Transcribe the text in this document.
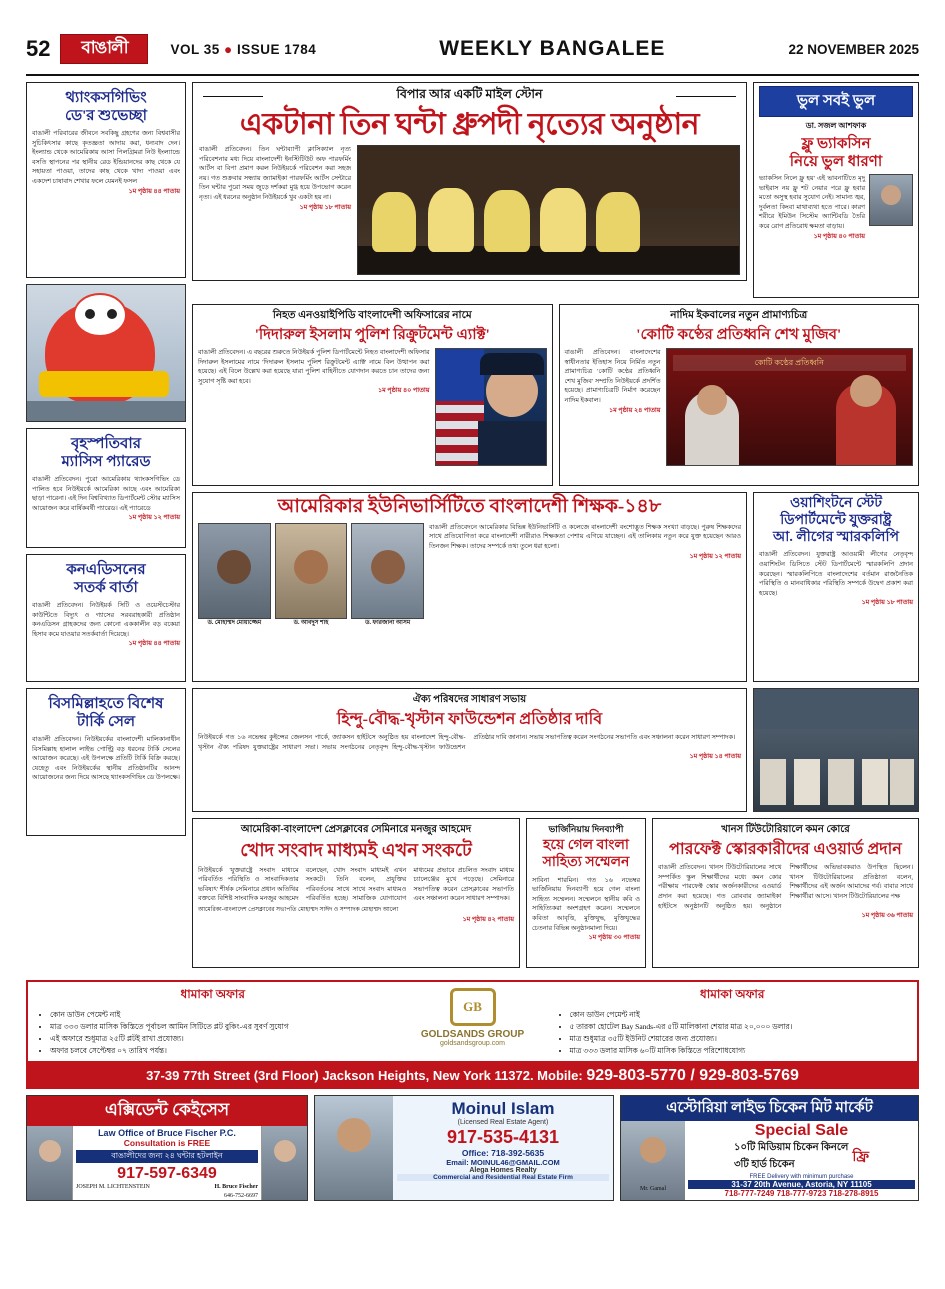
52	বাঙালী	VOL 35 ● ISSUE 1784	WEEKLY BANGALEE	22 NOVEMBER 2025
থ্যাংকসগিভিং
ডে'র শুভেচ্ছা
বাঙালী পরিবারের জীবনে সবকিছু গ্রহণের জন্য বিশ্ববাসীর সুচিকিৎসার কাছে কৃতজ্ঞতা আদায় করা, ধন্যবাদ দেন। ইংল্যান্ড থেকে আমেরিকায় আসা পিলগ্রিমরা নিউ ইংল্যান্ডে বসতি স্থাপনের পর স্থানীয় রেড ইন্ডিয়ানদের কাছ থেকে যে সহায়তা পাওয়া, তাদের কাছ থেকে খাদ্য পাওয়া এবং একদেশ চাষাবাদ শেখার ফলে যেমনই ফসল
১ম পৃষ্ঠায় ৪৪ পাতায়
বৃহস্পতিবার
ম্যাসিস প্যারেড
বাঙালী প্রতিবেদন। পুরো আমেরিকায় থ্যাংকসগিভিং ডে পালিত হবে নিউইয়র্কে আমেরিকা আছে এবং আমেরিকা ছাড়া পারেনা। এই দিন বিশ্ববিখ্যাত ডিপার্টমেন্ট স্টোর ম্যাসিস আয়োজন করে বার্ষিকবর্ষী প্যারেড। এই প্যারেডে
১ম পৃষ্ঠায় ১২ পাতায়
কনএডিসনের
সতর্ক বার্তা
বাঙালী প্রতিবেদন। নিউইয়র্ক সিটি ও ওয়েস্টচেস্টার কাউন্টিতে বিদ্যুৎ ও গ্যাসের সরবরাহকারী প্রতিষ্ঠান কনএডিসন গ্রাহকদের জন্য কোনো এককালীন বড় বকেয়া হিসাব কমে যাওয়ার সতর্কবার্তা দিয়েছে।
১ম পৃষ্ঠায় ৪৪ পাতায়
বিসমিল্লাহতে বিশেষ
টার্কি সেল
বাঙালী প্রতিবেদন। নিউইয়র্কের বাংলাদেশী মালিকানাধীন বিসমিল্লাহ হালাল লাইভ পোল্ট্রি বড় ধরনের টার্কি সেলের আয়োজন করেছে। এই উপলক্ষে প্রতিটি টার্কি বিক্রি করছে। যেহেতু এবং নিউইয়র্কের স্থানীয় প্রতিষ্ঠানটির আনন্দ আয়োজনের জন্য দিয়ে আসছে থ্যাংকসগিভিং ডে উপলক্ষে।
বিপার আর একটি মাইল স্টোন
একটানা তিন ঘন্টা ধ্রুপদী নৃত্যের অনুষ্ঠান
বাঙালী প্রতিবেদন। তিন ঘন্টাব্যাপী ক্লাসিক্যাল নৃত্য পরিবেশনার মধ্য দিয়ে বাংলাদেশী ইনস্টিটিউট অফ পারফর্মিং আর্টস বা বিপা প্রমাণ করল নিউইয়র্কে পরিবেশন করা সহজ নয়। গত শুক্রবার সন্ধ্যায় জ্যামাইকা পারফর্মিং আর্টস সেন্টারে তিন ঘন্টার পুরো সময় জুড়ে দর্শকরা মুগ্ধ হয়ে উপভোগ করেন নৃত্য। এই ধরনের অনুষ্ঠান নিউইয়র্কে খুব একটা হয় না।
১ম পৃষ্ঠায় ১৮ পাতায়
ভুল সবই ভুল
ডা. সজল আশফাক
ফ্লু ভ্যাকসিন
নিয়ে ভুল ধারণা
ভ্যাকসিন নিলে ফ্লু হয়' এই ভাবনাটিতে মৃদু ভাইরাস নয় ফ্লু শট নেয়ার পরে ফ্লু হবার মতো অসুস্থ হবার সুযোগ নেই। সামান্য জ্বর, দুর্বলতা কিংবা মাথাব্যথা হতে পারে। কারণ শরীরে ইমিউন সিস্টেম অ্যান্টিবডি তৈরি করে রোগ প্রতিরোধ ক্ষমতা বাড়ায়।
১ম পৃষ্ঠায় ৪০ পাতায়
নিহত এনওয়াইপিডি বাংলাদেশী অফিসারের নামে
'দিদারুল ইসলাম পুলিশ রিক্রুটমেন্ট এ্যাক্ট'
বাঙালী প্রতিবেদন। এ বছরের শুরুতে নিউইয়র্ক পুলিশ ডিপার্টমেন্টে নিহত বাংলাদেশী অফিসার দিদারুল ইসলামের নামে 'দিদারুল ইসলাম পুলিশ রিক্রুটমেন্ট এ্যাক্ট' নামে বিল উত্থাপন করা হয়েছে। এই বিলে উল্লেখ করা হয়েছে যারা পুলিশ বাহিনীতে যোগদান করতে চান তাদের জন্য সুযোগ সৃষ্টি করা হবে।
১ম পৃষ্ঠায় ৪০ পাতায়
নাদিম ইকবালের নতুন প্রামাণ্যচিত্র
'কোটি কণ্ঠের প্রতিধ্বনি শেখ মুজিব'
বাঙালী প্রতিবেদন। বাংলাদেশের স্বাধীনতার ইতিহাস নিয়ে নির্মিত নতুন প্রামাণ্যচিত্র 'কোটি কণ্ঠের প্রতিধ্বনি শেখ মুজিব' সম্প্রতি নিউইয়র্কে প্রদর্শিত হয়েছে। প্রামাণ্যচিত্রটি নির্মাণ করেছেন নাদিম ইকবাল।
১ম পৃষ্ঠায় ২৪ পাতায়
কোটি কণ্ঠের প্রতিধ্বনি
আমেরিকার ইউনিভার্সিটিতে বাংলাদেশী শিক্ষক-১৪৮
ড. মোহাম্মদ মোয়াজ্জেম	ড. আবদুস শাহ	ড. ফারজানা আসম
বাঙালী প্রতিবেদনে আমেরিকার বিভিন্ন ইউনিভার্সিটি ও কলেজে বাংলাদেশী বংশোদ্ভূত শিক্ষক সংখ্যা বাড়ছে। পুরুষ শিক্ষকদের সাথে প্রতিযোগিতা করে বাংলাদেশী নারীরাও শিক্ষকতা পেশায় এগিয়ে যাচ্ছেন। এই তালিকায় নতুন করে যুক্ত হয়েছেন আরও তিনজন শিক্ষক। তাদের সম্পর্কে তথ্য তুলে ধরা হলো।
১ম পৃষ্ঠায় ১২ পাতায়
ওয়াশিংটনে স্টেট
ডিপার্টমেন্টে যুক্তরাষ্ট্র
আ. লীগের স্মারকলিপি
বাঙালী প্রতিবেদন। যুক্তরাষ্ট্র আওয়ামী লীগের নেতৃবৃন্দ ওয়াশিংটন ডিসিতে স্টেট ডিপার্টমেন্টে স্মারকলিপি প্রদান করেছেন। স্মারকলিপিতে বাংলাদেশের বর্তমান রাজনৈতিক পরিস্থিতি ও মানবাধিকার পরিস্থিতি সম্পর্কে উদ্বেগ প্রকাশ করা হয়েছে।
১ম পৃষ্ঠায় ১৮ পাতায়
ঐক্য পরিষদের সাধারণ সভায়
হিন্দু-বৌদ্ধ-খৃস্টান ফাউন্ডেশন প্রতিষ্ঠার দাবি
নিউইয়র্কে গত ১৬ নভেম্বর কুইন্সের জেলসন পার্কে, জ্যাকসন হাইটসে অনুষ্ঠিত হয় বাংলাদেশ হিন্দু-বৌদ্ধ-খৃস্টান ঐক্য পরিষদ যুক্তরাষ্ট্রের সাধারণ সভা। সভায় সংগঠনের নেতৃবৃন্দ হিন্দু-বৌদ্ধ-খৃস্টান ফাউন্ডেশন প্রতিষ্ঠার দাবি জানান। সভায় সভাপতিত্ব করেন সংগঠনের সভাপতি এবং সঞ্চালনা করেন সাধারণ সম্পাদক।
১ম পৃষ্ঠায় ১৪ পাতায়
আমেরিকা-বাংলাদেশ প্রেসক্লাবের সেমিনারে মনজুর আহমেদ
খোদ সংবাদ মাধ্যমই এখন সংকটে
নিউইয়র্কে 'যুক্তরাষ্ট্রে সংবাদ মাধ্যমে পরিবর্তিত পরিস্থিতি ও সাংবাদিকতার ভবিষ্যৎ' শীর্ষক সেমিনারে প্রধান অতিথির বক্তব্যে বিশিষ্ট সাংবাদিক মনজুর আহমেদ বলেছেন, খোদ সংবাদ মাধ্যমই এখন সংকটে। তিনি বলেন, প্রযুক্তির পরিবর্তনের সাথে সাথে সংবাদ মাধ্যমও পরিবর্তিত হচ্ছে। সামাজিক যোগাযোগ মাধ্যমের প্রভাবে প্রচলিত সংবাদ মাধ্যম চ্যালেঞ্জের মুখে পড়েছে। সেমিনারে সভাপতিত্ব করেন প্রেসক্লাবের সভাপতি এবং সঞ্চালনা করেন সাধারণ সম্পাদক।
আমেরিকা-বাংলাদেশ প্রেসক্লাবের সভাপতি মোহাম্মদ সাঈদ ও সম্পাদক মোহাম্মদ আলো
১ম পৃষ্ঠায় ৪২ পাতায়
ভার্জিনিয়ায় দিনব্যাপী
হয়ে গেল বাংলা
সাহিত্য সম্মেলন
সাবিনা শারমিন। গত ১৬ নভেম্বর ভার্জিনিয়ায় দিনব্যাপী হয়ে গেল বাংলা সাহিত্য সম্মেলন। সম্মেলনে স্থানীয় কবি ও সাহিত্যিকরা অংশগ্রহণ করেন। সম্মেলনে কবিতা আবৃত্তি, মুক্তিযুদ্ধ, মুক্তিযুদ্ধের চেতনার বিভিন্ন অনুষ্ঠানমালা দিয়ে।
১ম পৃষ্ঠায় ৩০ পাতায়
খানস টিউটোরিয়ালে কমন কোরে
পারফেক্ট স্কোরকারীদের এওয়ার্ড প্রদান
বাঙালী প্রতিবেদন। খানস টিউটোরিয়ালের সাথে সম্পর্কিত স্কুল শিক্ষার্থীদের মধ্যে কমন কোর পরীক্ষায় পারফেক্ট স্কোর অর্জনকারীদের এওয়ার্ড প্রদান করা হয়েছে। গত রোববার জ্যামাইকা হাইটসে অনুষ্ঠানটি অনুষ্ঠিত হয়। অনুষ্ঠানে শিক্ষার্থীদের অভিভাবকরাও উপস্থিত ছিলেন। খানস টিউটোরিয়ালের প্রতিষ্ঠাতা বলেন, শিক্ষার্থীদের এই অর্জন আমাদের গর্ব। বাবার সাথে শিক্ষার্থীরা আসে। খানস টিউটোরিয়ালের পক্ষ
১ম পৃষ্ঠায় ৩৬ পাতায়
ধামাকা অফার
• কোন ডাউন পেমেন্ট নাই
• মাত্র ৩৩৩ ডলার মাসিক কিস্তিতে পূর্বাচল আমিন সিটিতে প্লট বুকিং-এর সুবর্ণ সুযোগ
• এই অফারে শুধুমাত্র ২৫টি প্লটই রাখা প্রযোজ্য।
• অফার চলবে সেপ্টেম্বর ০৭ তারিখ পর্যন্ত।
GB
GOLDSANDS GROUP
goldsandsgroup.com
ধামাকা অফার
• কোন ডাউন পেমেন্ট নাই
• ৫ তারকা হোটেল Bay Sands-এর ৫টি মালিকানা শেয়ার মাত্র ২০,০০০ ডলার।
• মাত্র শুধুমাত্র ৩৫টি ইউনিট শেয়ারের জন্য প্রযোজ্য।
• মাত্র ৩৩৩ ডলার মাসিক ৬০টি মাসিক কিস্তিতে পরিশোধযোগ্য
37-39 77th Street (3rd Floor) Jackson Heights, New York 11372. Mobile: 929-803-5770 / 929-803-5769
এক্সিডেন্ট কেইসেস
Law Office of Bruce Fischer P.C.
Consultation is FREE
বাঙালীদের জন্য ২৪ ঘন্টার হটলাইন
917-597-6349
JOSEPH M. LICHTENSTEIN	H. Bruce Fischer
646-752-6697
Moinul Islam
(Licensed Real Estate Agent)
917-535-4131
Office: 718-392-5635
Email: MOINUL46@GMAIL.COM
Alega Homes Realty
Commercial and Residential Real Estate Firm
এস্টোরিয়া লাইভ চিকেন মিট মার্কেট
Mr. Gamal
Special Sale
১০টি মিডিয়াম চিকেন কিনলে
৩টি হার্ড চিকেন	ফ্রি
FREE Delivery with minimum purchase
31-37 20th Avenue, Astoria, NY 11105
718-777-7249 718-777-9723 718-278-8915
